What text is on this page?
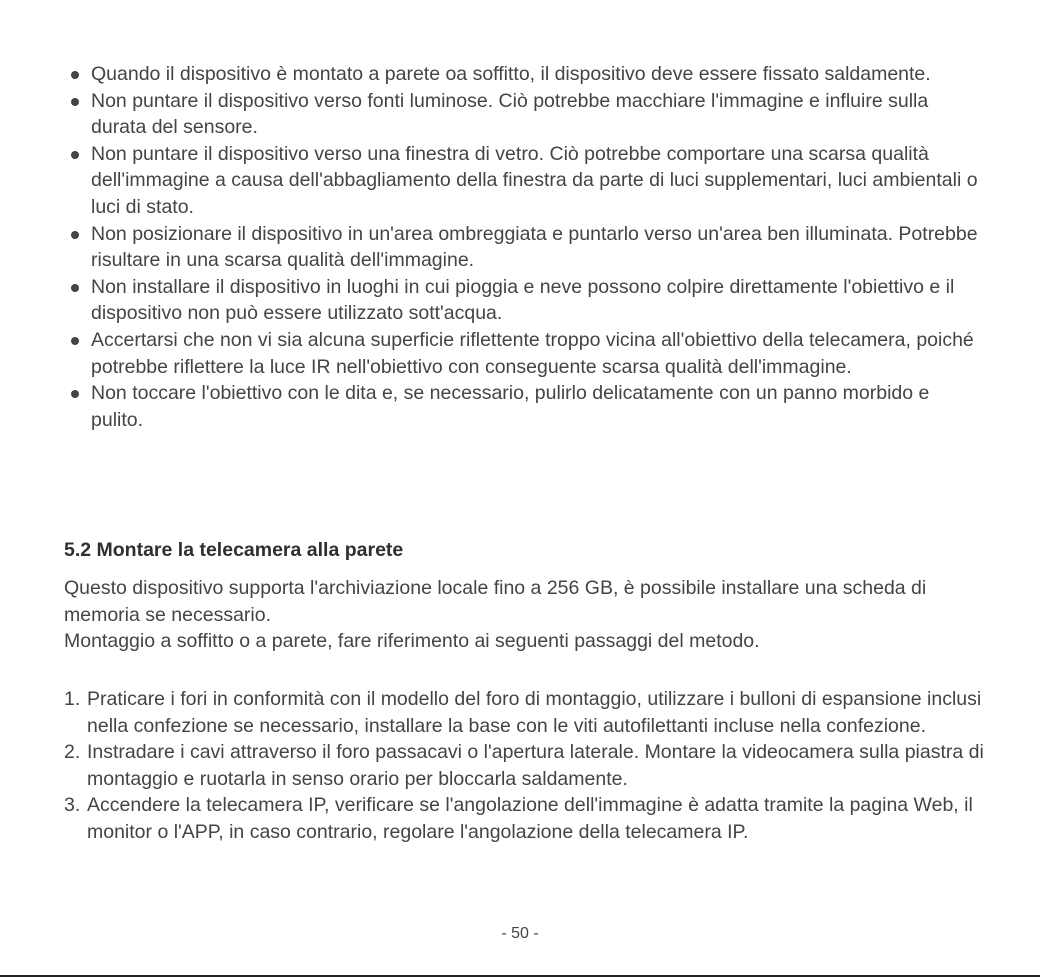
Quando il dispositivo è montato a parete oa soffitto, il dispositivo deve essere fissato saldamente.
Non puntare il dispositivo verso fonti luminose. Ciò potrebbe macchiare l'immagine e influire sulla durata del sensore.
Non puntare il dispositivo verso una finestra di vetro. Ciò potrebbe comportare una scarsa qualità dell'immagine a causa dell'abbagliamento della finestra da parte di luci supplementari, luci ambientali o luci di stato.
Non posizionare il dispositivo in un'area ombreggiata e puntarlo verso un'area ben illuminata. Potrebbe risultare in una scarsa qualità dell'immagine.
Non installare il dispositivo in luoghi in cui pioggia e neve possono colpire direttamente l'obiettivo e il dispositivo non può essere utilizzato sott'acqua.
Accertarsi che non vi sia alcuna superficie riflettente troppo vicina all'obiettivo della telecamera, poiché potrebbe riflettere la luce IR nell'obiettivo con conseguente scarsa qualità dell'immagine.
Non toccare l'obiettivo con le dita e, se necessario, pulirlo delicatamente con un panno morbido e pulito.
5.2 Montare la telecamera alla parete

Questo dispositivo supporta l'archiviazione locale fino a 256 GB, è possibile installare una scheda di memoria se necessario.

Montaggio a soffitto o a parete, fare riferimento ai seguenti passaggi del metodo.

1. Praticare i fori in conformità con il modello del foro di montaggio, utilizzare i bulloni di espansione inclusi nella confezione se necessario, installare la base con le viti autofilettanti incluse nella confezione.
2. Instradare i cavi attraverso il foro passacavi o l'apertura laterale. Montare la videocamera sulla piastra di montaggio e ruotarla in senso orario per bloccarla saldamente.
3. Accendere la telecamera IP, verificare se l'angolazione dell'immagine è adatta tramite la pagina Web, il monitor o l'APP, in caso contrario, regolare l'angolazione della telecamera IP.
- 50 -
